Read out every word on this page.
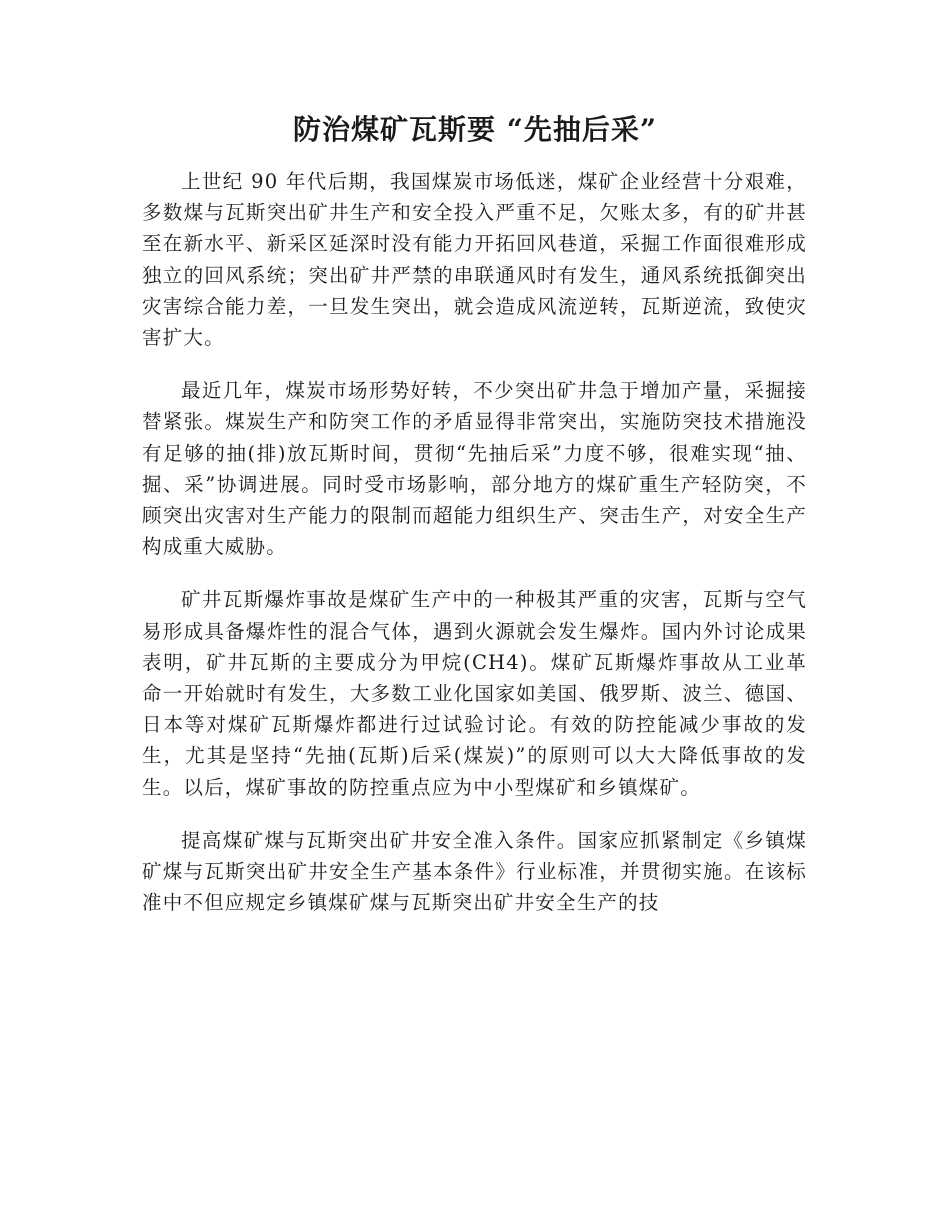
防治煤矿瓦斯要 “先抽后采”

上世纪 90 年代后期，我国煤炭市场低迷，煤矿企业经营十分艰难，多数煤与瓦斯突出矿井生产和安全投入严重不足，欠账太多，有的矿井甚至在新水平、新采区延深时没有能力开拓回风巷道，采掘工作面很难形成独立的回风系统；突出矿井严禁的串联通风时有发生，通风系统抵御突出灾害综合能力差，一旦发生突出，就会造成风流逆转，瓦斯逆流，致使灾害扩大。

最近几年，煤炭市场形势好转，不少突出矿井急于增加产量，采掘接替紧张。煤炭生产和防突工作的矛盾显得非常突出，实施防突技术措施没有足够的抽(排)放瓦斯时间，贯彻“先抽后采”力度不够，很难实现“抽、掘、采”协调进展。同时受市场影响，部分地方的煤矿重生产轻防突，不顾突出灾害对生产能力的限制而超能力组织生产、突击生产，对安全生产构成重大威胁。

矿井瓦斯爆炸事故是煤矿生产中的一种极其严重的灾害，瓦斯与空气易形成具备爆炸性的混合气体，遇到火源就会发生爆炸。国内外讨论成果表明，矿井瓦斯的主要成分为甲烷(CH4)。煤矿瓦斯爆炸事故从工业革命一开始就时有发生，大多数工业化国家如美国、俄罗斯、波兰、德国、日本等对煤矿瓦斯爆炸都进行过试验讨论。有效的防控能减少事故的发生，尤其是坚持“先抽(瓦斯)后采(煤炭)”的原则可以大大降低事故的发生。以后，煤矿事故的防控重点应为中小型煤矿和乡镇煤矿。

提高煤矿煤与瓦斯突出矿井安全准入条件。国家应抓紧制定《乡镇煤矿煤与瓦斯突出矿井安全生产基本条件》行业标准，并贯彻实施。在该标准中不但应规定乡镇煤矿煤与瓦斯突出矿井安全生产的技
